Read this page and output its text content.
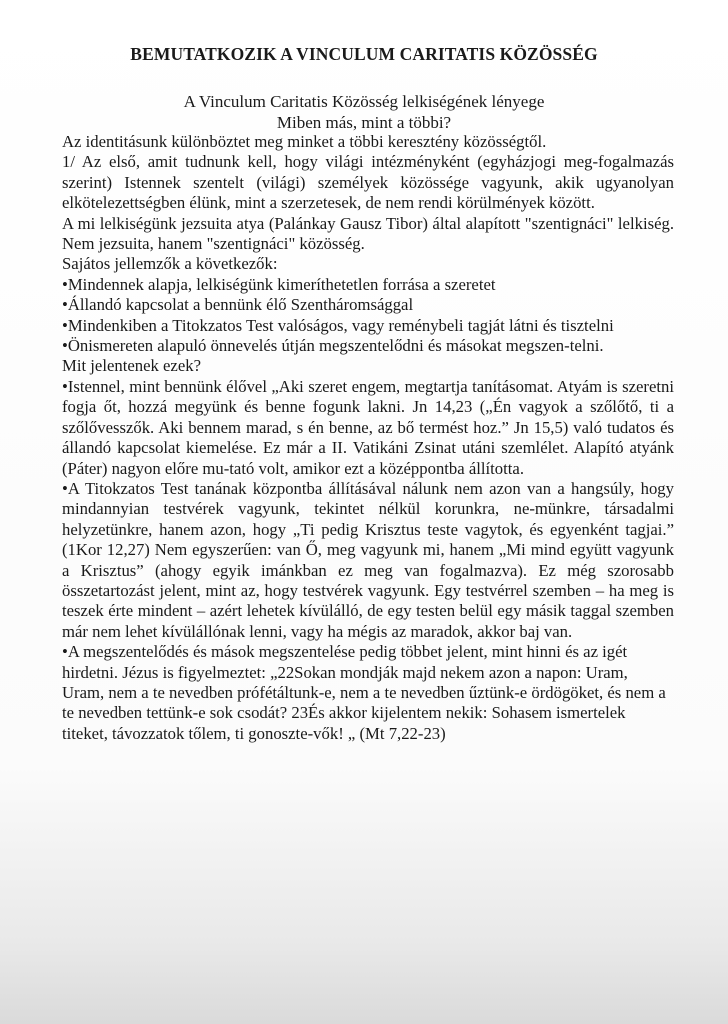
BEMUTATKOZIK A VINCULUM CARITATIS KÖZÖSSÉG
A Vinculum Caritatis Közösség lelkiségének lényege
Miben más, mint a többi?

Az identitásunk különböztet meg minket a többi keresztény közösségtől.

1/ Az első, amit tudnunk kell, hogy világi intézményként (egyházjogi meg-fogalmazás szerint) Istennek szentelt (világi) személyek közössége vagyunk, akik ugyanolyan elkötelezettségben élünk, mint a szerzetesek, de nem rendi körülmények között.

A mi lelkiségünk jezsuita atya (Palánkay Gausz Tibor) által alapított "szentignáci" lelkiség. Nem jezsuita, hanem "szentignáci" közösség.

Sajátos jellemzők a következők:

•Mindennek alapja, lelkiségünk kimeríthetetlen forrása a szeretet

•Állandó kapcsolat a bennünk élő Szentháromsággal

•Mindenkiben a Titokzatos Test valóságos, vagy reménybeli tagját látni és tisztelni

•Önismereten alapuló önnevelés útján megszentelődni és másokat megszen-telni.

Mit jelentenek ezek?

•Istennel, mint bennünk élővel „Aki szeret engem, megtartja tanításomat. Atyám is szeretni fogja őt, hozzá megyünk és benne fogunk lakni. Jn 14,23 („Én vagyok a szőlőtő, ti a szőlővesszők. Aki bennem marad, s én benne, az bő termést hoz.” Jn 15,5) való tudatos és állandó kapcsolat kiemelése. Ez már a II. Vatikáni Zsinat utáni szemlélet. Alapító atyánk (Páter) nagyon előre mu-tató volt, amikor ezt a középpontba állította.

•A Titokzatos Test tanának központba állításával nálunk nem azon van a hangsúly, hogy mindannyian testvérek vagyunk, tekintet nélkül korunkra, ne-münkre, társadalmi helyzetünkre, hanem azon, hogy „Ti pedig Krisztus teste vagytok, és egyenként tagjai.” (1Kor 12,27) Nem egyszerűen: van Ő, meg vagyunk mi, hanem „Mi mind együtt vagyunk a Krisztus” (ahogy egyik imánkban ez meg van fogalmazva). Ez még szorosabb összetartozást jelent, mint az, hogy testvérek vagyunk. Egy testvérrel szemben – ha meg is teszek érte mindent – azért lehetek kívülálló, de egy testen belül egy másik taggal szemben már nem lehet kívülállónak lenni, vagy ha mégis az maradok, akkor baj van.

•A megszentelődés és mások megszentelése pedig többet jelent, mint hinni és az igét hirdetni. Jézus is figyelmeztet: „22Sokan mondják majd nekem azon a napon: Uram, Uram, nem a te nevedben prófétáltunk-e, nem a te nevedben űztünk-e ördögöket, és nem a te nevedben tettünk-e sok csodát? 23És akkor kijelentem nekik: Sohasem ismertelek titeket, távozzatok tőlem, ti gonoszte-vők! „ (Mt 7,22-23)
